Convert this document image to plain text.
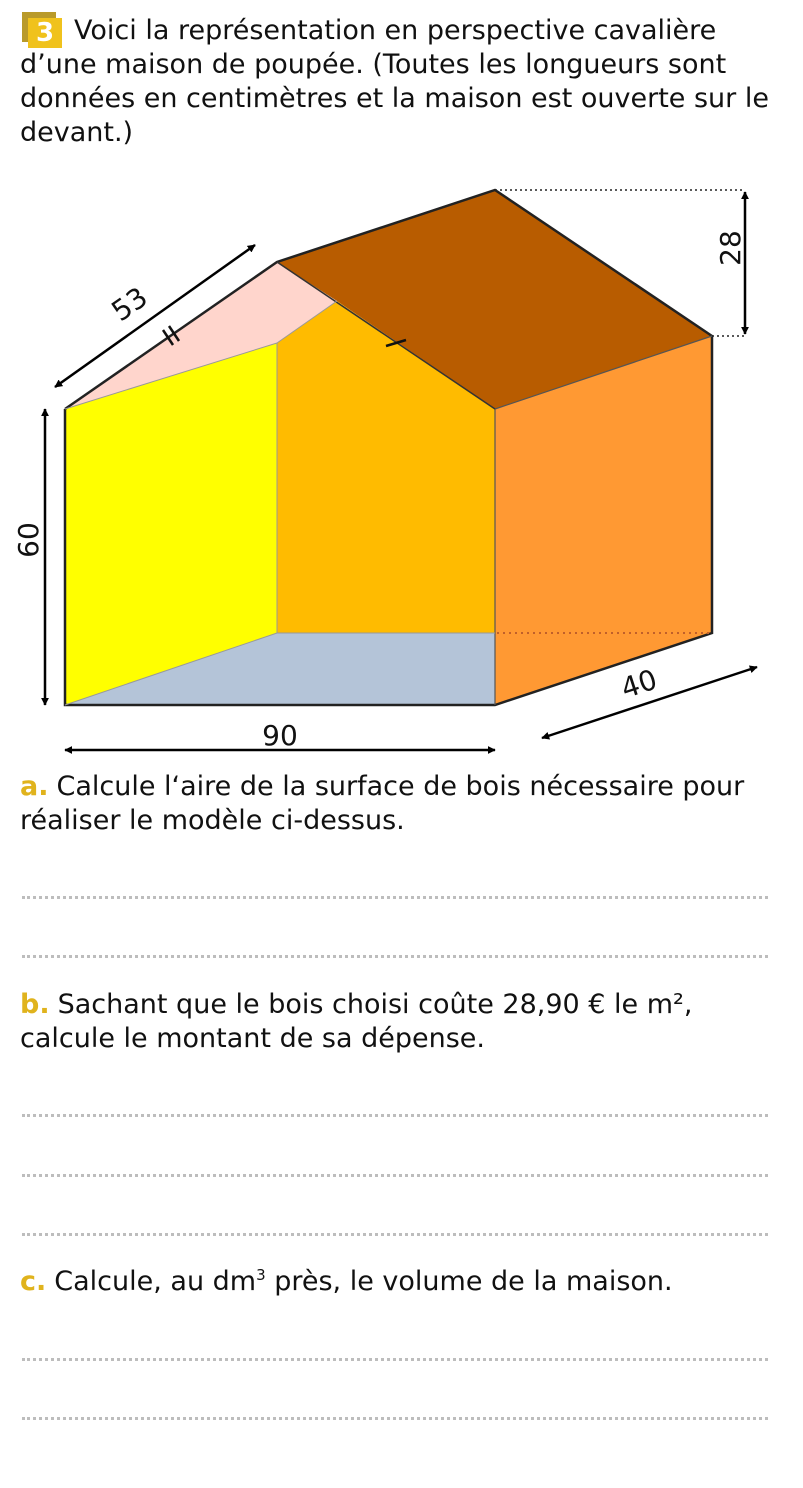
3 Voici la représentation en perspective cavalière d’une maison de poupée. (Toutes les longueurs sont données en centimètres et la maison est ouverte sur le devant.)

53
28
60
90
40

a. Calcule l‘aire de la surface de bois nécessaire pour réaliser le modèle ci-dessus.

b. Sachant que le bois choisi coûte 28,90 € le m², calcule le montant de sa dépense.

c. Calcule, au $dm^3$ près, le volume de la maison.
